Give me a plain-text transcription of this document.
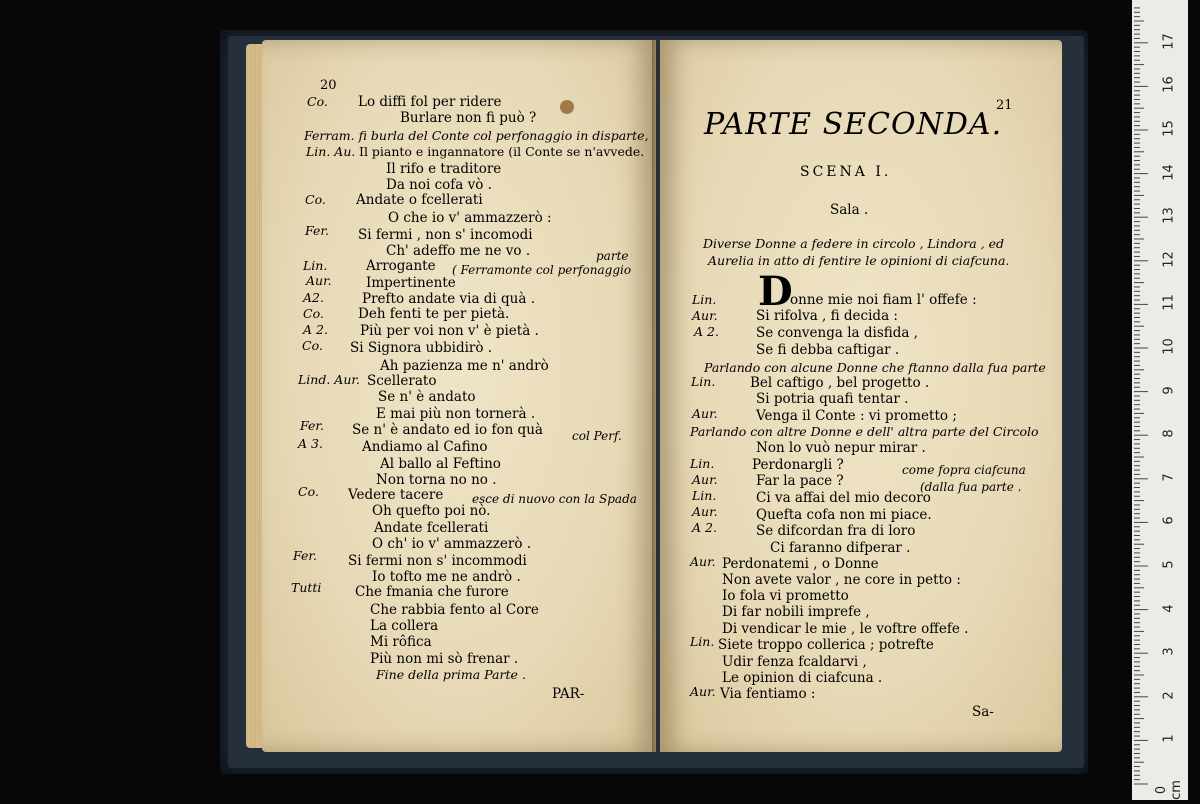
20
Co. Lo diffi fol per ridere
Burlare non fi può ?
Ferram. fi burla del Conte col perfonaggio in disparte,
Lin. Au. Il pianto e ingannatore (il Conte se n'avvede.
Il rifo e traditore
Da noi cofa vò .
Co. Andate o fcellerati
O che io v' ammazzerò :
Fer. Si fermi , non s' incomodi
Ch' adeffo me ne vo .	parte
Lin.	Arrogante ( Ferramonte col perfonaggio
Aur.	Impertinente
A2.	Prefto andate via di quà .
Co.	Deh fenti te per pietà.
A 2. Più per voi non v' è pietà .
Co. Si Signora ubbidirò .
Ah pazienza me n' andrò
Lind. Aur. Scellerato
Se n' è andato
E mai più non tornerà .
Fer. Se n' è andato ed io fon quà col Perf.
A 3.	Andiamo al Cafino
Al ballo al Feftino
Non torna no no .
Co. Vedere tacere esce di nuovo con la Spada
Oh quefto poi nò.
Andate fcellerati
O ch' io v' ammazzerò .
Fer. Si fermi non s' incommodi
Io tofto me ne andrò .
Tutti Che fmania che furore
Che rabbia fento al Core
La collera
Mi rôfica
Più non mi sò frenar .
Fine della prima Parte .
PAR-
21
PARTE SECONDA.
SCENA I.
Sala .
Diverse Donne a federe in circolo , Lindora , ed
Aurelia in atto di fentire le opinioni di ciafcuna.
D
Lin.	onne mie noi fiam l' offefe :
Aur.	Si rifolva , fi decida :
A 2.	Se convenga la disfida ,
Se fi debba caftigar .
Parlando con alcune Donne che ftanno dalla fua parte
Lin.	Bel caftigo , bel progetto .
Si potria quafi tentar .
Aur.	Venga il Conte : vi prometto ;
Parlando con altre Donne e dell' altra parte del Circolo
Non lo vuò nepur mirar .
Lin.	Perdonargli ?	come fopra ciafcuna
Aur.	Far la pace ?	(dalla fua parte .
Lin.	Ci va affai del mio decoro
Aur.	Quefta cofa non mi piace.
A 2.	Se difcordan fra di loro
Ci faranno difperar .
Aur. Perdonatemi , o Donne
Non avete valor , ne core in petto :
Io fola vi prometto
Di far nobili imprefe ,
Di vendicar le mie , le voftre offefe .
Lin. Siete troppo collerica ; potrefte
Udir fenza fcaldarvi ,
Le opinion di ciafcuna .
Aur. Via fentiamo :
Sa-
0 cm
1
2
3
4
5
6
7
8
9
10
11
12
13
14
15
16
17
